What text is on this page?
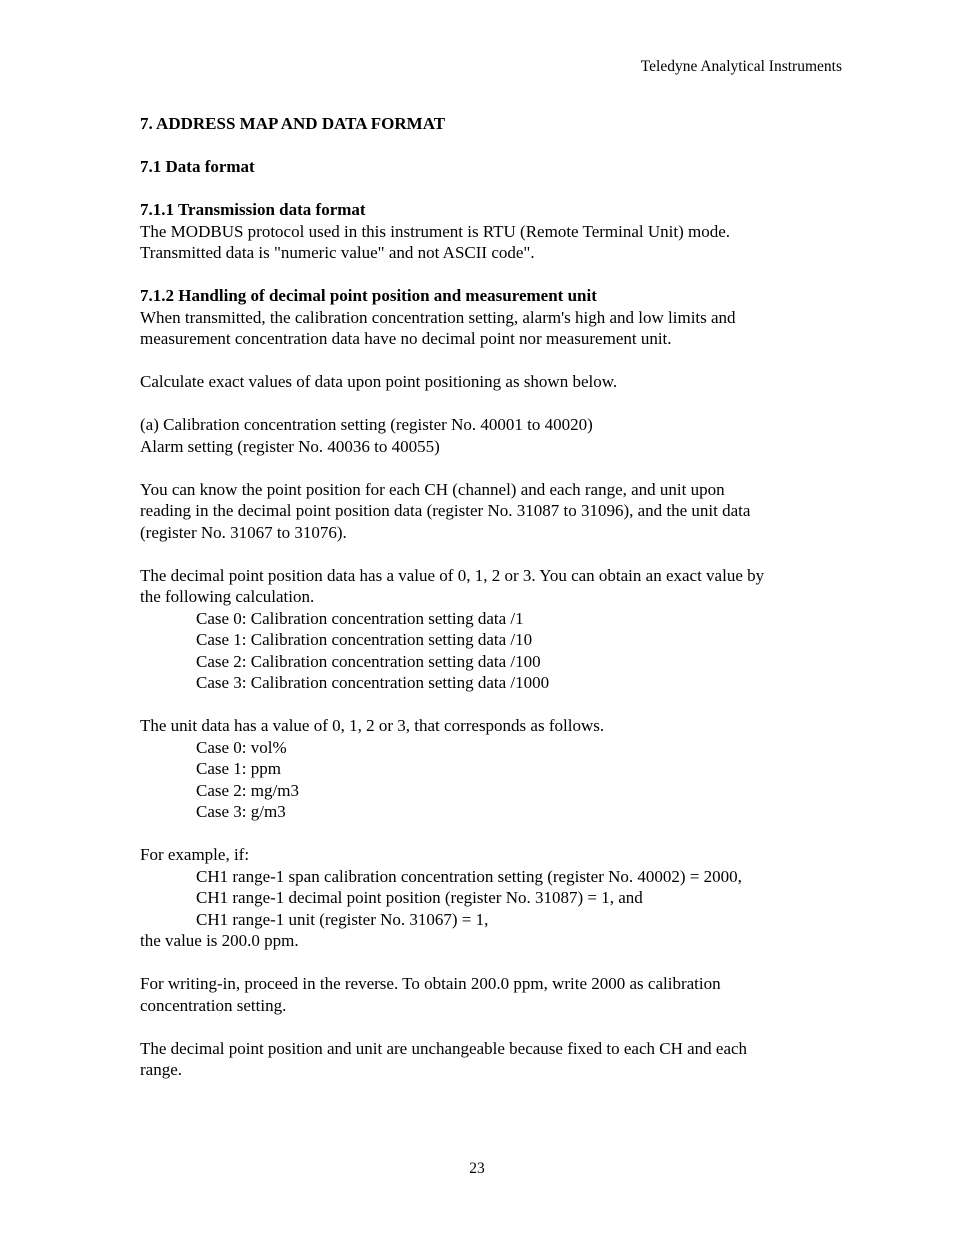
Teledyne Analytical Instruments

7. ADDRESS MAP AND DATA FORMAT

7.1 Data format

7.1.1 Transmission data format

The MODBUS protocol used in this instrument is RTU (Remote Terminal Unit) mode.

Transmitted data is "numeric value" and not ASCII code".

7.1.2 Handling of decimal point position and measurement unit

When transmitted, the calibration concentration setting, alarm's high and low limits and

measurement concentration data have no decimal point nor measurement unit.

Calculate exact values of data upon point positioning as shown below.

(a) Calibration concentration setting (register No. 40001 to 40020)

Alarm setting (register No. 40036 to 40055)

You can know the point position for each CH (channel) and each range, and unit upon

reading in the decimal point position data (register No. 31087 to 31096), and the unit data

(register No. 31067 to 31076).

The decimal point position data has a value of 0, 1, 2 or 3. You can obtain an exact value by

the following calculation.

Case 0: Calibration concentration setting data /1

Case 1: Calibration concentration setting data /10

Case 2: Calibration concentration setting data /100

Case 3: Calibration concentration setting data /1000

The unit data has a value of 0, 1, 2 or 3, that corresponds as follows.

Case 0: vol%

Case 1: ppm

Case 2: mg/m3

Case 3: g/m3

For example, if:

CH1 range-1 span calibration concentration setting (register No. 40002) = 2000,

CH1 range-1 decimal point position (register No. 31087) = 1, and

CH1 range-1 unit (register No. 31067) = 1,

the value is 200.0 ppm.

For writing-in, proceed in the reverse. To obtain 200.0 ppm, write 2000 as calibration

concentration setting.

The decimal point position and unit are unchangeable because fixed to each CH and each

range.

23
